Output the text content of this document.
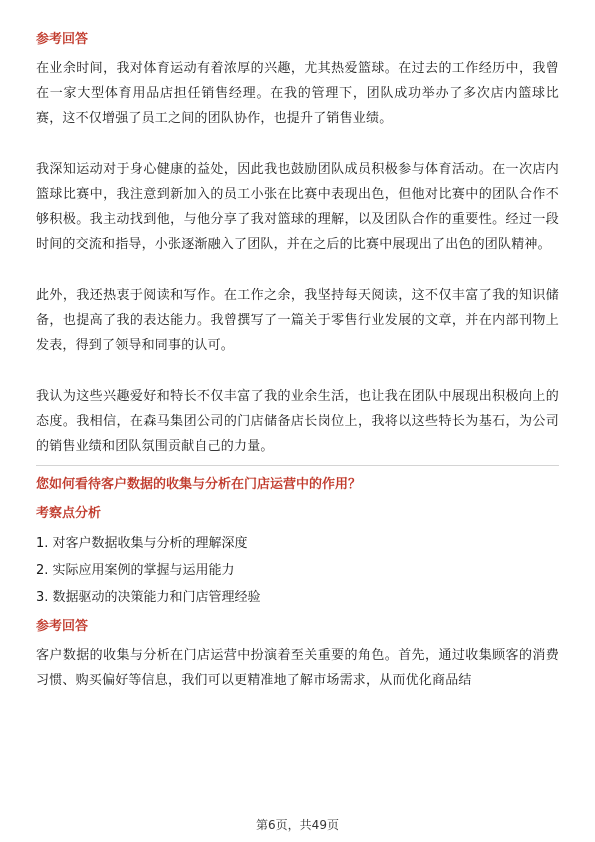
参考回答

在业余时间，我对体育运动有着浓厚的兴趣，尤其热爱篮球。在过去的工作经历中，我曾在一家大型体育用品店担任销售经理。在我的管理下，团队成功举办了多次店内篮球比赛，这不仅增强了员工之间的团队协作，也提升了销售业绩。

我深知运动对于身心健康的益处，因此我也鼓励团队成员积极参与体育活动。在一次店内篮球比赛中，我注意到新加入的员工小张在比赛中表现出色，但他对比赛中的团队合作不够积极。我主动找到他，与他分享了我对篮球的理解，以及团队合作的重要性。经过一段时间的交流和指导，小张逐渐融入了团队，并在之后的比赛中展现出了出色的团队精神。

此外，我还热衷于阅读和写作。在工作之余，我坚持每天阅读，这不仅丰富了我的知识储备，也提高了我的表达能力。我曾撰写了一篇关于零售行业发展的文章，并在内部刊物上发表，得到了领导和同事的认可。

我认为这些兴趣爱好和特长不仅丰富了我的业余生活，也让我在团队中展现出积极向上的态度。我相信，在森马集团公司的门店储备店长岗位上，我将以这些特长为基石，为公司的销售业绩和团队氛围贡献自己的力量。

您如何看待客户数据的收集与分析在门店运营中的作用？
考察点分析
1. 对客户数据收集与分析的理解深度
2. 实际应用案例的掌握与运用能力
3. 数据驱动的决策能力和门店管理经验
参考回答

客户数据的收集与分析在门店运营中扮演着至关重要的角色。首先，通过收集顾客的消费习惯、购买偏好等信息，我们可以更精准地了解市场需求，从而优化商品结

第6页，共49页
